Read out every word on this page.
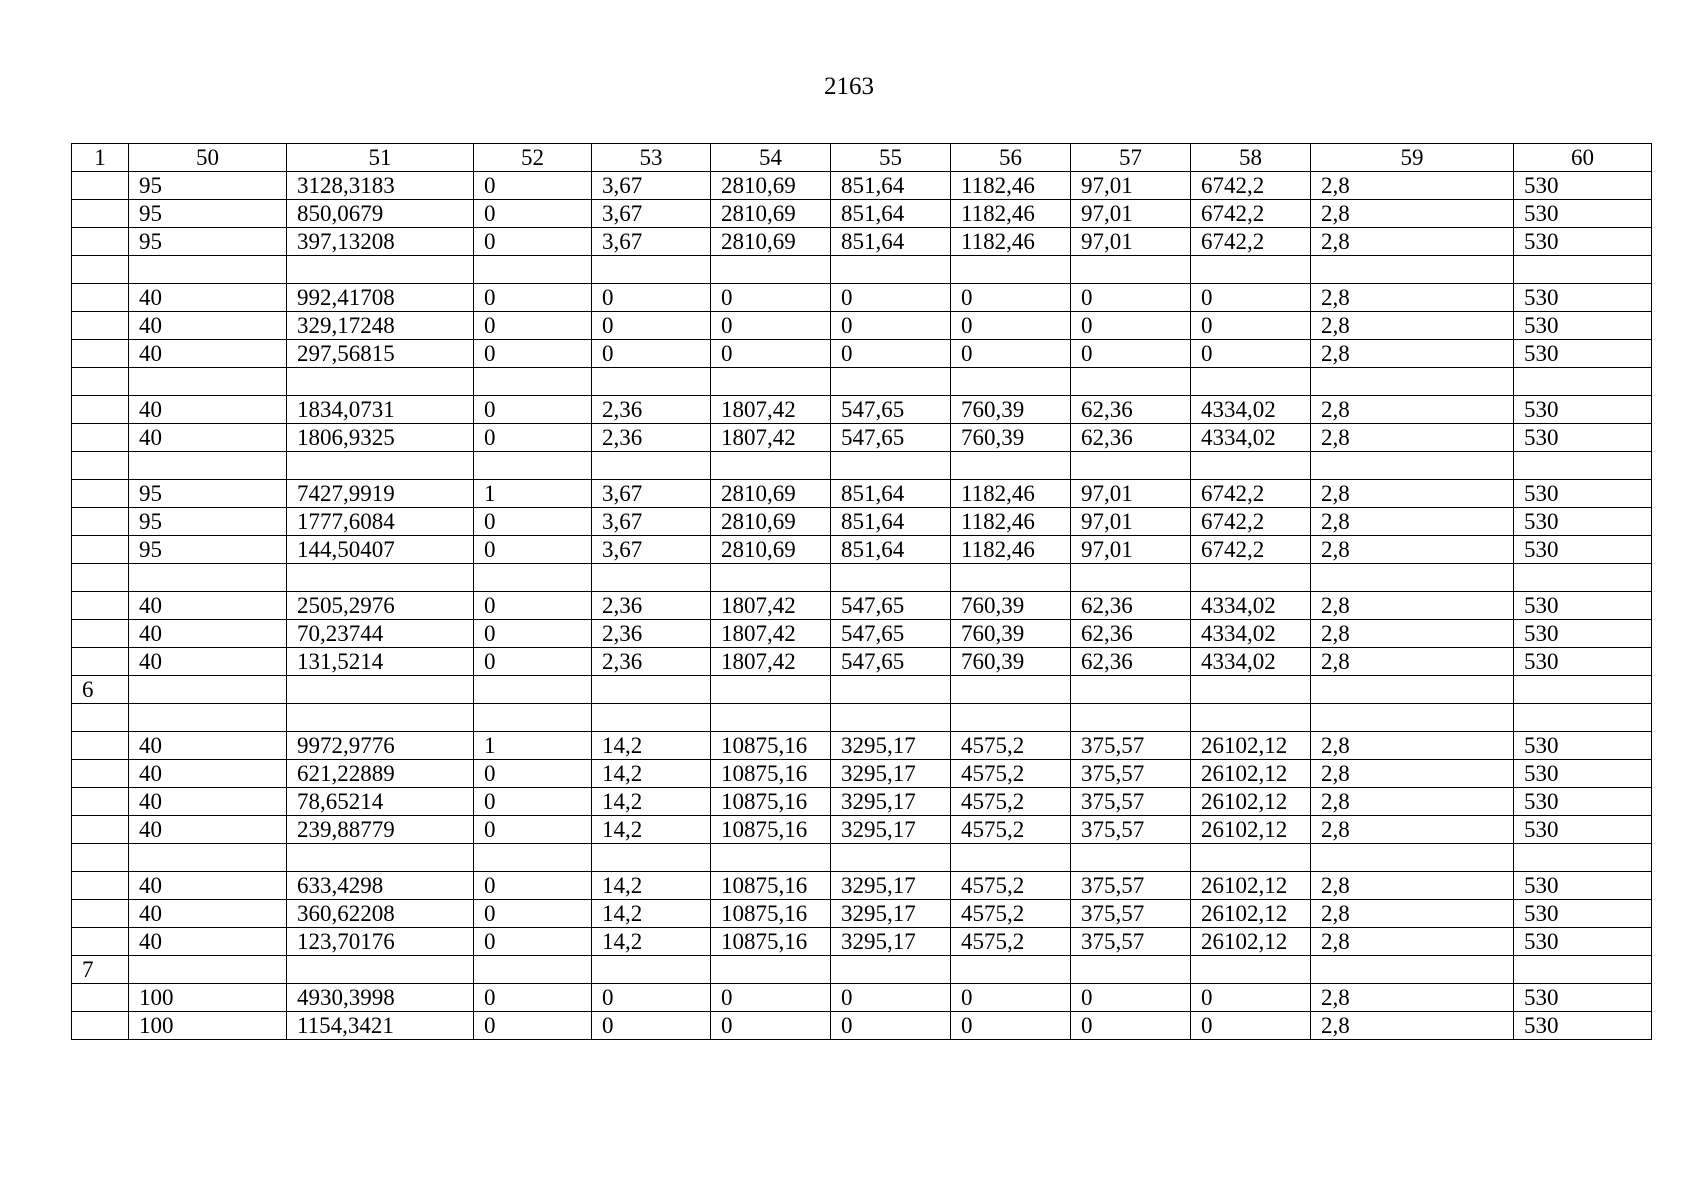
2163
1	50	51	52	53	54	55	56	57	58	59	60
	95	3128,3183	0	3,67	2810,69	851,64	1182,46	97,01	6742,2	2,8	530
	95	850,0679	0	3,67	2810,69	851,64	1182,46	97,01	6742,2	2,8	530
	95	397,13208	0	3,67	2810,69	851,64	1182,46	97,01	6742,2	2,8	530

	40	992,41708	0	0	0	0	0	0	0	2,8	530
	40	329,17248	0	0	0	0	0	0	0	2,8	530
	40	297,56815	0	0	0	0	0	0	0	2,8	530

	40	1834,0731	0	2,36	1807,42	547,65	760,39	62,36	4334,02	2,8	530
	40	1806,9325	0	2,36	1807,42	547,65	760,39	62,36	4334,02	2,8	530

	95	7427,9919	1	3,67	2810,69	851,64	1182,46	97,01	6742,2	2,8	530
	95	1777,6084	0	3,67	2810,69	851,64	1182,46	97,01	6742,2	2,8	530
	95	144,50407	0	3,67	2810,69	851,64	1182,46	97,01	6742,2	2,8	530

	40	2505,2976	0	2,36	1807,42	547,65	760,39	62,36	4334,02	2,8	530
	40	70,23744	0	2,36	1807,42	547,65	760,39	62,36	4334,02	2,8	530
	40	131,5214	0	2,36	1807,42	547,65	760,39	62,36	4334,02	2,8	530
6											

	40	9972,9776	1	14,2	10875,16	3295,17	4575,2	375,57	26102,12	2,8	530
	40	621,22889	0	14,2	10875,16	3295,17	4575,2	375,57	26102,12	2,8	530
	40	78,65214	0	14,2	10875,16	3295,17	4575,2	375,57	26102,12	2,8	530
	40	239,88779	0	14,2	10875,16	3295,17	4575,2	375,57	26102,12	2,8	530

	40	633,4298	0	14,2	10875,16	3295,17	4575,2	375,57	26102,12	2,8	530
	40	360,62208	0	14,2	10875,16	3295,17	4575,2	375,57	26102,12	2,8	530
	40	123,70176	0	14,2	10875,16	3295,17	4575,2	375,57	26102,12	2,8	530
7											
	100	4930,3998	0	0	0	0	0	0	0	2,8	530
	100	1154,3421	0	0	0	0	0	0	0	2,8	530
